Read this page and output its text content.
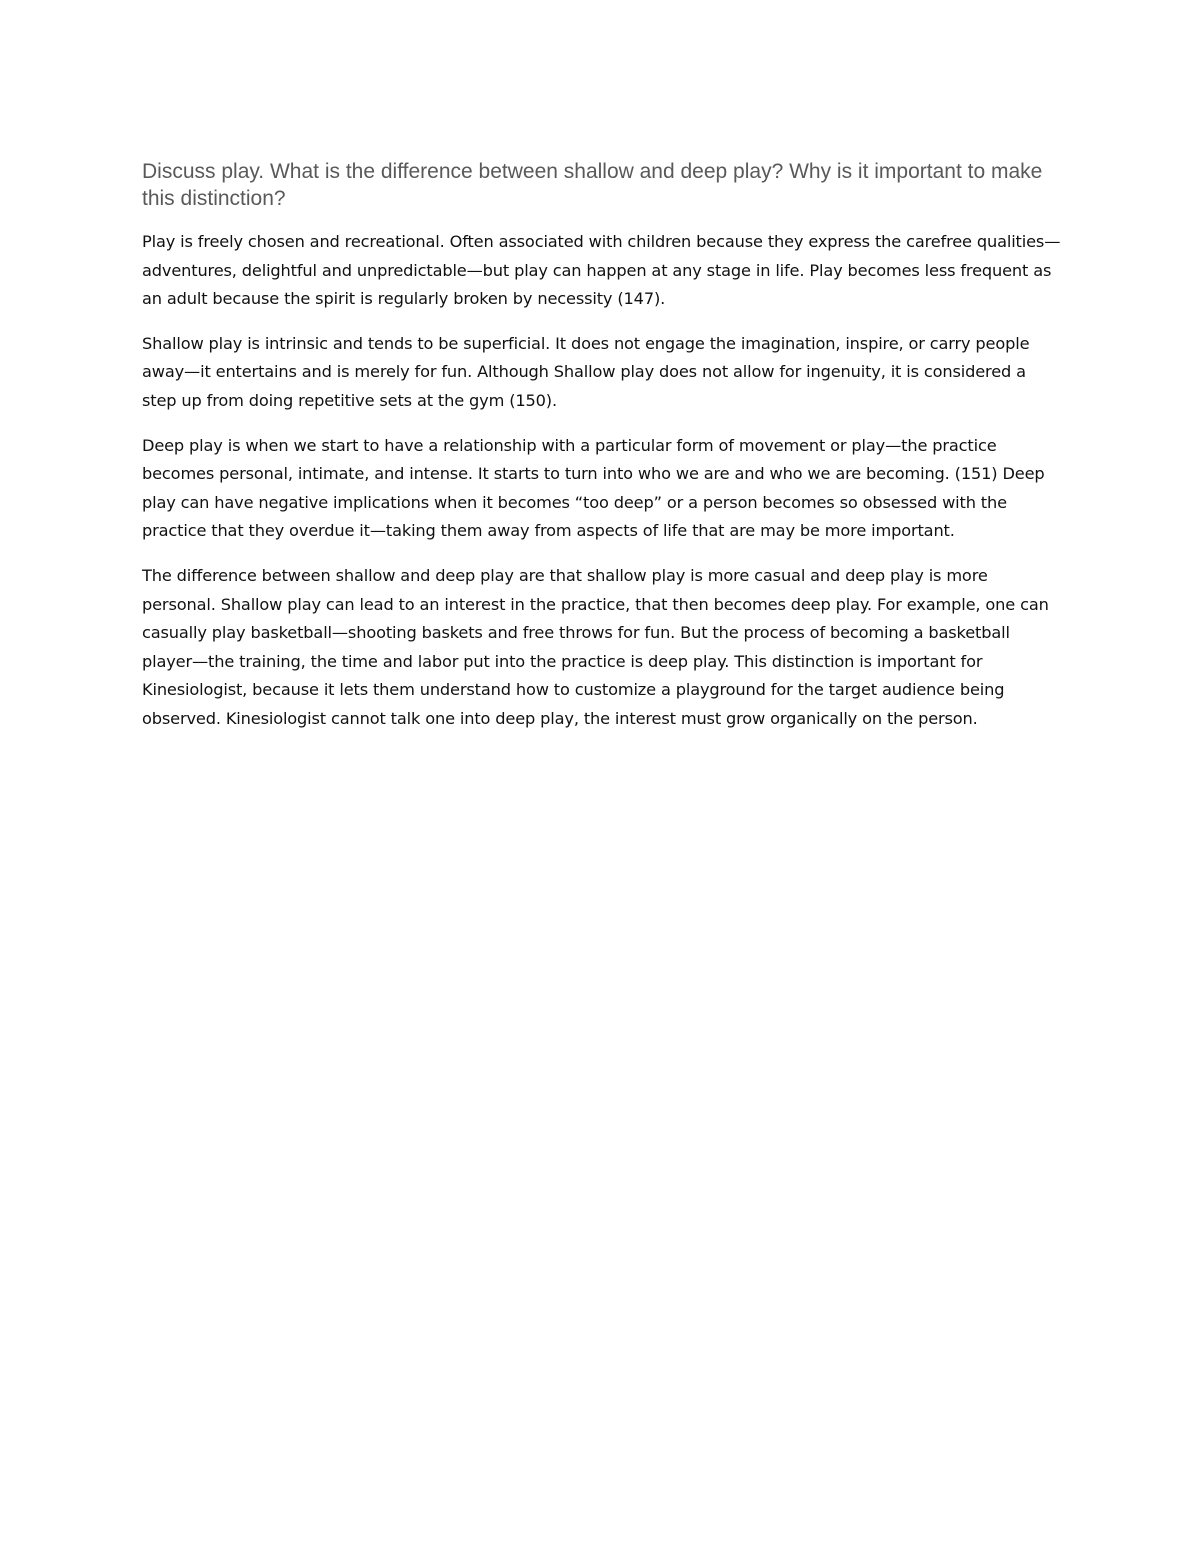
Discuss play. What is the difference between shallow and deep play? Why is it important to make this distinction?

Play is freely chosen and recreational. Often associated with children because they express the carefree qualities—adventures, delightful and unpredictable—but play can happen at any stage in life. Play becomes less frequent as an adult because the spirit is regularly broken by necessity (147).

Shallow play is intrinsic and tends to be superficial. It does not engage the imagination, inspire, or carry people away—it entertains and is merely for fun. Although Shallow play does not allow for ingenuity, it is considered a step up from doing repetitive sets at the gym (150).

Deep play is when we start to have a relationship with a particular form of movement or play—the practice becomes personal, intimate, and intense. It starts to turn into who we are and who we are becoming. (151) Deep play can have negative implications when it becomes “too deep” or a person becomes so obsessed with the practice that they overdue it—taking them away from aspects of life that are may be more important.

The difference between shallow and deep play are that shallow play is more casual and deep play is more personal. Shallow play can lead to an interest in the practice, that then becomes deep play. For example, one can casually play basketball—shooting baskets and free throws for fun. But the process of becoming a basketball player—the training, the time and labor put into the practice is deep play. This distinction is important for Kinesiologist, because it lets them understand how to customize a playground for the target audience being observed. Kinesiologist cannot talk one into deep play, the interest must grow organically on the person.
